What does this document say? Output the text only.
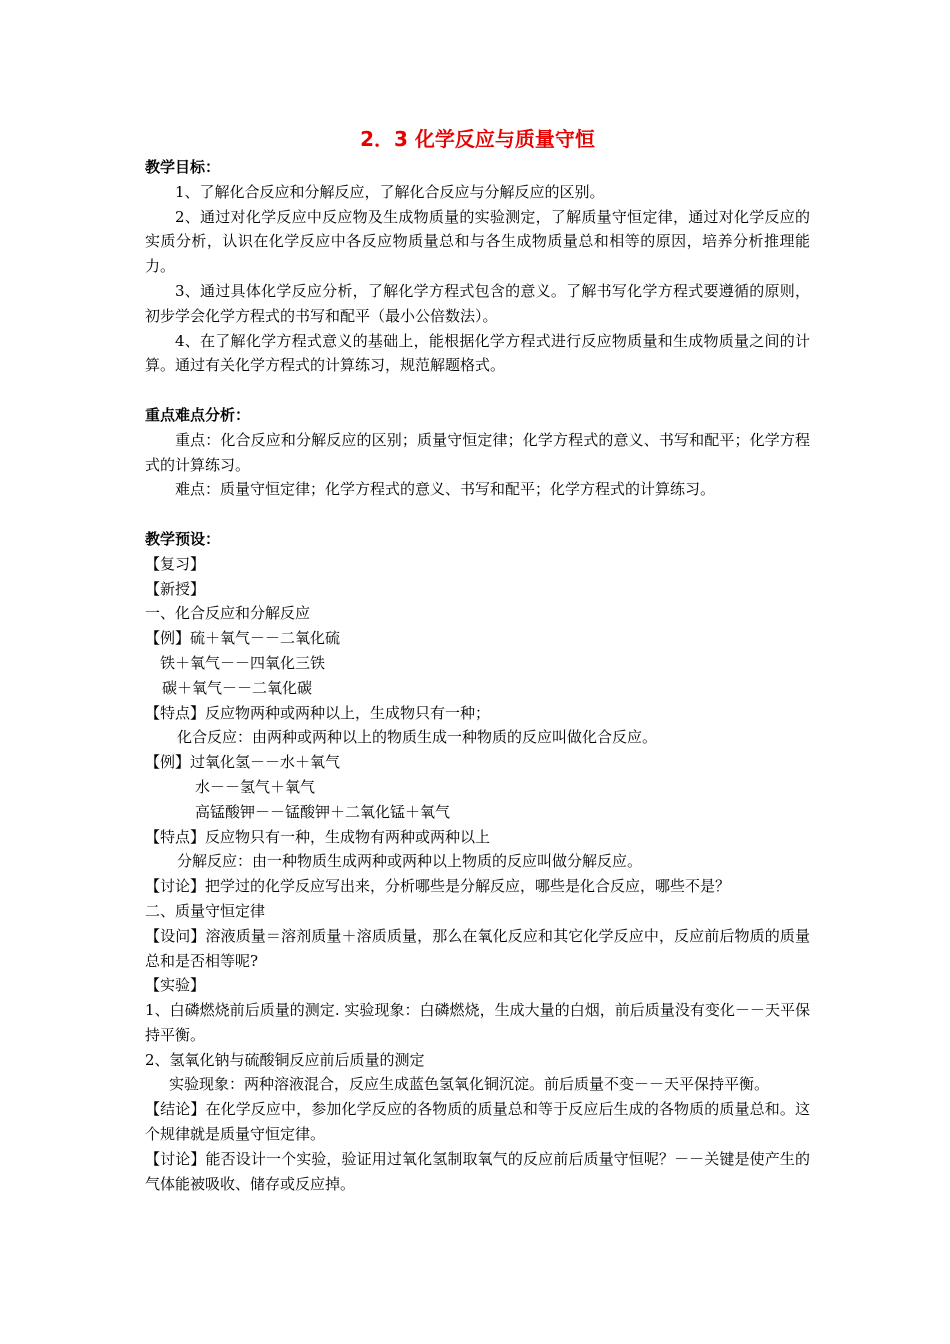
2．3 化学反应与质量守恒
教学目标：
1、了解化合反应和分解反应，了解化合反应与分解反应的区别。
2、通过对化学反应中反应物及生成物质量的实验测定，了解质量守恒定律，通过对化学反应的实质分析，认识在化学反应中各反应物质量总和与各生成物质量总和相等的原因，培养分析推理能力。
3、通过具体化学反应分析，了解化学方程式包含的意义。了解书写化学方程式要遵循的原则，初步学会化学方程式的书写和配平（最小公倍数法）。
4、在了解化学方程式意义的基础上，能根据化学方程式进行反应物质量和生成物质量之间的计算。通过有关化学方程式的计算练习，规范解题格式。
重点难点分析：
重点：化合反应和分解反应的区别；质量守恒定律；化学方程式的意义、书写和配平；化学方程式的计算练习。
难点：质量守恒定律；化学方程式的意义、书写和配平；化学方程式的计算练习。
教学预设：
【复习】
【新授】
一、化合反应和分解反应
【例】硫＋氧气－－二氧化硫
铁＋氧气－－四氧化三铁
碳＋氧气－－二氧化碳
【特点】反应物两种或两种以上，生成物只有一种；
化合反应：由两种或两种以上的物质生成一种物质的反应叫做化合反应。
【例】过氧化氢－－水＋氧气
水－－氢气＋氧气
高锰酸钾－－锰酸钾＋二氧化锰＋氧气
【特点】反应物只有一种，生成物有两种或两种以上
分解反应：由一种物质生成两种或两种以上物质的反应叫做分解反应。
【讨论】把学过的化学反应写出来，分析哪些是分解反应，哪些是化合反应，哪些不是？
二、质量守恒定律
【设问】溶液质量＝溶剂质量＋溶质质量，那么在氧化反应和其它化学反应中，反应前后物质的质量总和是否相等呢?
【实验】
1、白磷燃烧前后质量的测定. 实验现象：白磷燃烧，生成大量的白烟，前后质量没有变化－－天平保持平衡。
2、氢氧化钠与硫酸铜反应前后质量的测定
实验现象：两种溶液混合，反应生成蓝色氢氧化铜沉淀。前后质量不变－－天平保持平衡。
【结论】在化学反应中，参加化学反应的各物质的质量总和等于反应后生成的各物质的质量总和。这个规律就是质量守恒定律。
【讨论】能否设计一个实验，验证用过氧化氢制取氧气的反应前后质量守恒呢？－－关键是使产生的气体能被吸收、储存或反应掉。
